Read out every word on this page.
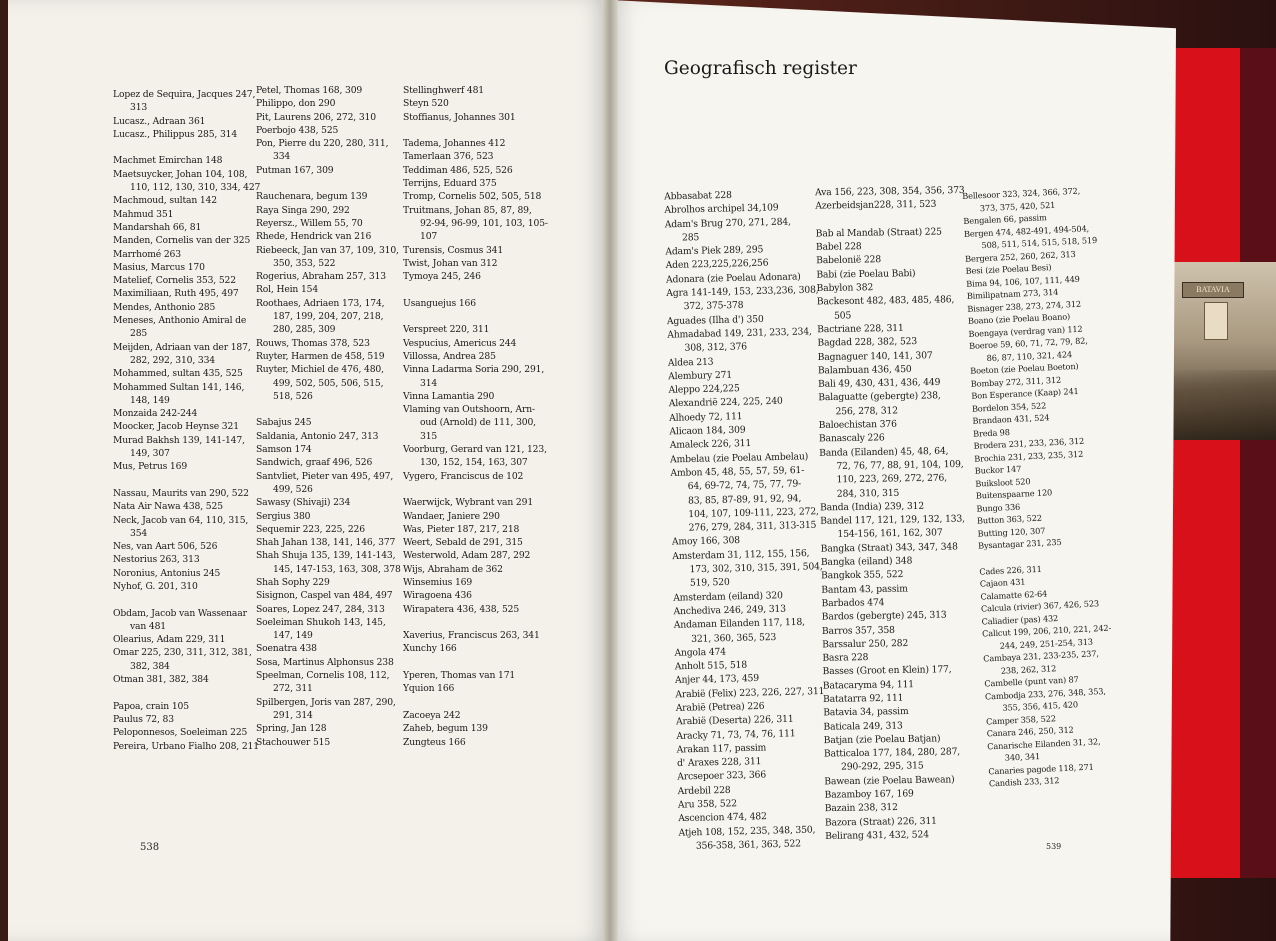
BATAVIA
Lopez de Sequira, Jacques 247,
313
Lucasz., Adraan 361
Lucasz., Philippus 285, 314
Machmet Emirchan 148
Maetsuycker, Johan 104, 108,
110, 112, 130, 310, 334, 427
Machmoud, sultan 142
Mahmud 351
Mandarshah 66, 81
Manden, Cornelis van der 325
Marrhomé 263
Masius, Marcus 170
Matelief, Cornelis 353, 522
Maximiliaan, Ruth 495, 497
Mendes, Anthonio 285
Meneses, Anthonio Amiral de
285
Meijden, Adriaan van der 187,
282, 292, 310, 334
Mohammed, sultan 435, 525
Mohammed Sultan 141, 146,
148, 149
Monzaida 242-244
Moocker, Jacob Heynse 321
Murad Bakhsh 139, 141-147,
149, 307
Mus, Petrus 169
Nassau, Maurits van 290, 522
Nata Air Nawa 438, 525
Neck, Jacob van 64, 110, 315,
354
Nes, van Aart 506, 526
Nestorius 263, 313
Noronius, Antonius 245
Nyhof, G. 201, 310
Obdam, Jacob van Wassenaar
van 481
Olearius, Adam 229, 311
Omar 225, 230, 311, 312, 381,
382, 384
Otman 381, 382, 384
Papoa, crain 105
Paulus 72, 83
Peloponnesos, Soeleiman 225
Pereira, Urbano Fialho 208, 211
Petel, Thomas 168, 309
Philippo, don 290
Pit, Laurens 206, 272, 310
Poerbojo 438, 525
Pon, Pierre du 220, 280, 311,
334
Putman 167, 309
Rauchenara, begum 139
Raya Singa 290, 292
Reyersz., Willem 55, 70
Rhede, Hendrick van 216
Riebeeck, Jan van 37, 109, 310,
350, 353, 522
Rogerius, Abraham 257, 313
Rol, Hein 154
Roothaes, Adriaen 173, 174,
187, 199, 204, 207, 218,
280, 285, 309
Rouws, Thomas 378, 523
Ruyter, Harmen de 458, 519
Ruyter, Michiel de 476, 480,
499, 502, 505, 506, 515,
518, 526
Sabajus 245
Saldania, Antonio 247, 313
Samson 174
Sandwich, graaf 496, 526
Santvliet, Pieter van 495, 497,
499, 526
Sawasy (Shivaji) 234
Sergius 380
Sequemir 223, 225, 226
Shah Jahan 138, 141, 146, 377
Shah Shuja 135, 139, 141-143,
145, 147-153, 163, 308, 378
Shah Sophy 229
Sisignon, Caspel van 484, 497
Soares, Lopez 247, 284, 313
Soeleiman Shukoh 143, 145,
147, 149
Soenatra 438
Sosa, Martinus Alphonsus 238
Speelman, Cornelis 108, 112,
272, 311
Spilbergen, Joris van 287, 290,
291, 314
Spring, Jan 128
Stachouwer 515
Stellinghwerf 481
Steyn 520
Stoffianus, Johannes 301
Tadema, Johannes 412
Tamerlaan 376, 523
Teddiman 486, 525, 526
Terrijns, Eduard 375
Tromp, Cornelis 502, 505, 518
Truitmans, Johan 85, 87, 89,
92-94, 96-99, 101, 103, 105-
107
Turensis, Cosmus 341
Twist, Johan van 312
Tymoya 245, 246
Usanguejus 166
Verspreet 220, 311
Vespucius, Americus 244
Villossa, Andrea 285
Vinna Ladarma Soria 290, 291,
314
Vinna Lamantia 290
Vlaming van Outshoorn, Arn-
oud (Arnold) de 111, 300,
315
Voorburg, Gerard van 121, 123,
130, 152, 154, 163, 307
Vygero, Franciscus de 102
Waerwijck, Wybrant van 291
Wandaer, Janiere 290
Was, Pieter 187, 217, 218
Weert, Sebald de 291, 315
Westerwold, Adam 287, 292
Wijs, Abraham de 362
Winsemius 169
Wiragoena 436
Wirapatera 436, 438, 525
Xaverius, Franciscus 263, 341
Xunchy 166
Yperen, Thomas van 171
Yquion 166
Zacoeya 242
Zaheb, begum 139
Zungteus 166
538
Geografisch register
Abbasabat 228
Abrolhos archipel 34,109
Adam's Brug 270, 271, 284,
285
Adam's Piek 289, 295
Aden 223,225,226,256
Adonara (zie Poelau Adonara)
Agra 141-149, 153, 233,236, 308,
372, 375-378
Aguades (Ilha d') 350
Ahmadabad 149, 231, 233, 234,
308, 312, 376
Aldea 213
Alembury 271
Aleppo 224,225
Alexandrië 224, 225, 240
Alhoedy 72, 111
Alicaon 184, 309
Amaleck 226, 311
Ambelau (zie Poelau Ambelau)
Ambon 45, 48, 55, 57, 59, 61-
64, 69-72, 74, 75, 77, 79-
83, 85, 87-89, 91, 92, 94,
104, 107, 109-111, 223, 272,
276, 279, 284, 311, 313-315
Amoy 166, 308
Amsterdam 31, 112, 155, 156,
173, 302, 310, 315, 391, 504,
519, 520
Amsterdam (eiland) 320
Anchediva 246, 249, 313
Andaman Eilanden 117, 118,
321, 360, 365, 523
Angola 474
Anholt 515, 518
Anjer 44, 173, 459
Arabië (Felix) 223, 226, 227, 311
Arabië (Petrea) 226
Arabië (Deserta) 226, 311
Aracky 71, 73, 74, 76, 111
Arakan 117, passim
d' Araxes 228, 311
Arcsepoer 323, 366
Ardebil 228
Aru 358, 522
Ascencion 474, 482
Atjeh 108, 152, 235, 348, 350,
356-358, 361, 363, 522
Ava 156, 223, 308, 354, 356, 373
Azerbeidsjan228, 311, 523
Bab al Mandab (Straat) 225
Babel 228
Babelonië 228
Babi (zie Poelau Babi)
Babylon 382
Backesont 482, 483, 485, 486,
505
Bactriane 228, 311
Bagdad 228, 382, 523
Bagnaguer 140, 141, 307
Balambuan 436, 450
Bali 49, 430, 431, 436, 449
Balaguatte (gebergte) 238,
256, 278, 312
Baloechistan 376
Banascaly 226
Banda (Eilanden) 45, 48, 64,
72, 76, 77, 88, 91, 104, 109,
110, 223, 269, 272, 276,
284, 310, 315
Banda (India) 239, 312
Bandel 117, 121, 129, 132, 133,
154-156, 161, 162, 307
Bangka (Straat) 343, 347, 348
Bangka (eiland) 348
Bangkok 355, 522
Bantam 43, passim
Barbados 474
Bardos (gebergte) 245, 313
Barros 357, 358
Barssalur 250, 282
Basra 228
Basses (Groot en Klein) 177,
Batacaryma 94, 111
Batatarra 92, 111
Batavia 34, passim
Baticala 249, 313
Batjan (zie Poelau Batjan)
Batticaloa 177, 184, 280, 287,
290-292, 295, 315
Bawean (zie Poelau Bawean)
Bazamboy 167, 169
Bazain 238, 312
Bazora (Straat) 226, 311
Belirang 431, 432, 524
Bellesoor 323, 324, 366, 372,
373, 375, 420, 521
Bengalen 66, passim
Bergen 474, 482-491, 494-504,
508, 511, 514, 515, 518, 519
Bergera 252, 260, 262, 313
Besi (zie Poelau Besi)
Bima 94, 106, 107, 111, 449
Bimilipatnam 273, 314
Bisnager 238, 273, 274, 312
Boano (zie Poelau Boano)
Boengaya (verdrag van) 112
Boeroe 59, 60, 71, 72, 79, 82,
86, 87, 110, 321, 424
Boeton (zie Poelau Boeton)
Bombay 272, 311, 312
Bon Esperance (Kaap) 241
Bordelon 354, 522
Brandaon 431, 524
Breda 98
Brodera 231, 233, 236, 312
Brochia 231, 233, 235, 312
Buckor 147
Buiksloot 520
Buitenspaarne 120
Bungo 336
Button 363, 522
Butting 120, 307
Bysantagar 231, 235
Cades 226, 311
Cajaon 431
Calamatte 62-64
Calcula (rivier) 367, 426, 523
Caliadier (pas) 432
Calicut 199, 206, 210, 221, 242-
244, 249, 251-254, 313
Cambaya 231, 233-235, 237,
238, 262, 312
Cambelle (punt van) 87
Cambodja 233, 276, 348, 353,
355, 356, 415, 420
Camper 358, 522
Canara 246, 250, 312
Canarische Eilanden 31, 32,
340, 341
Canaries pagode 118, 271
Candish 233, 312
539
